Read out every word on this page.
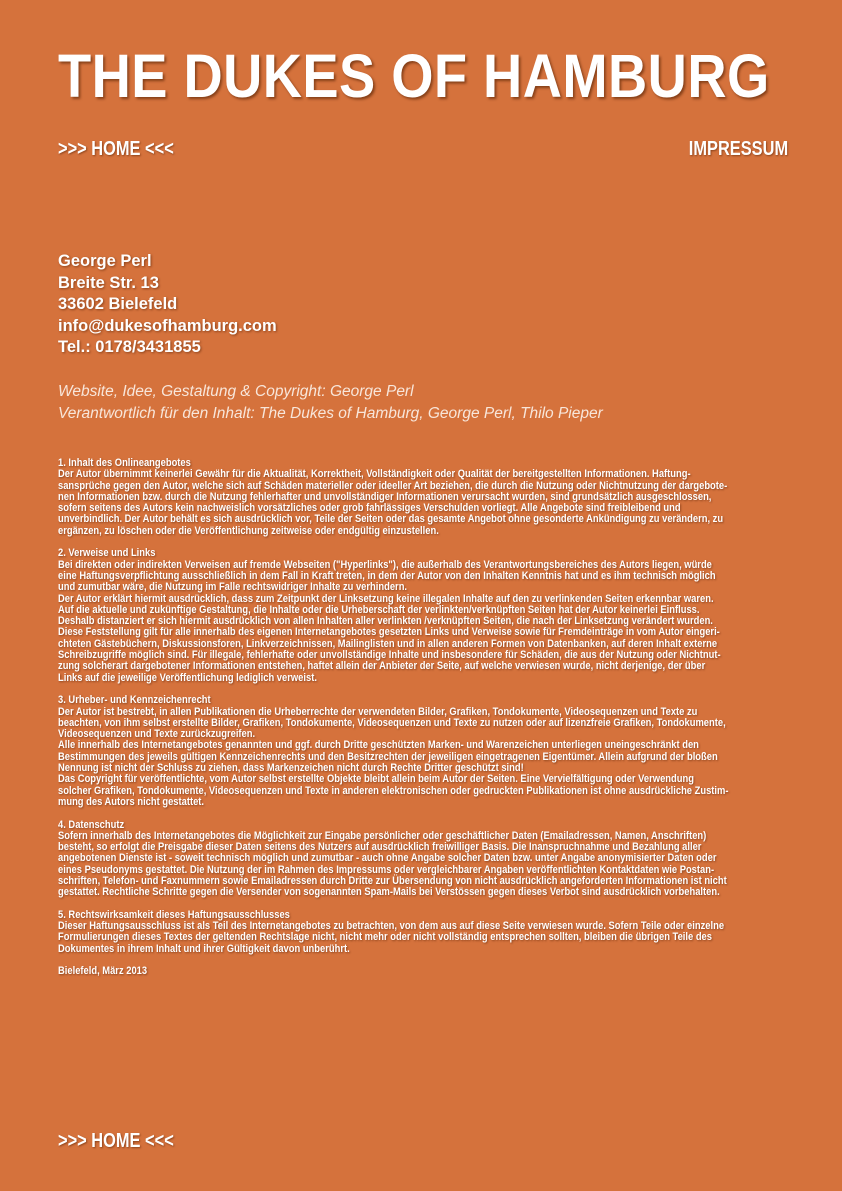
THE DUKES OF HAMBURG
>>> HOME <<<	IMPRESSUM
George Perl
Breite Str. 13
33602 Bielefeld
info@dukesofhamburg.com
Tel.: 0178/3431855
Website, Idee, Gestaltung & Copyright: George Perl
Verantwortlich für den Inhalt: The Dukes of Hamburg, George Perl, Thilo Pieper
1. Inhalt des Onlineangebotes
Der Autor übernimmt keinerlei Gewähr für die Aktualität, Korrektheit, Vollständigkeit oder Qualität der bereitgestellten Informationen. Haftung-
sansprüche gegen den Autor, welche sich auf Schäden materieller oder ideeller Art beziehen, die durch die Nutzung oder Nichtnutzung der dargebote-
nen Informationen bzw. durch die Nutzung fehlerhafter und unvollständiger Informationen verursacht wurden, sind grundsätzlich ausgeschlossen,
sofern seitens des Autors kein nachweislich vorsätzliches oder grob fahrlässiges Verschulden vorliegt. Alle Angebote sind freibleibend und
unverbindlich. Der Autor behält es sich ausdrücklich vor, Teile der Seiten oder das gesamte Angebot ohne gesonderte Ankündigung zu verändern, zu
ergänzen, zu löschen oder die Veröffentlichung zeitweise oder endgültig einzustellen.
2. Verweise und Links
Bei direkten oder indirekten Verweisen auf fremde Webseiten ("Hyperlinks"), die außerhalb des Verantwortungsbereiches des Autors liegen, würde
eine Haftungsverpflichtung ausschließlich in dem Fall in Kraft treten, in dem der Autor von den Inhalten Kenntnis hat und es ihm technisch möglich
und zumutbar wäre, die Nutzung im Falle rechtswidriger Inhalte zu verhindern.
Der Autor erklärt hiermit ausdrücklich, dass zum Zeitpunkt der Linksetzung keine illegalen Inhalte auf den zu verlinkenden Seiten erkennbar waren.
Auf die aktuelle und zukünftige Gestaltung, die Inhalte oder die Urheberschaft der verlinkten/verknüpften Seiten hat der Autor keinerlei Einfluss.
Deshalb distanziert er sich hiermit ausdrücklich von allen Inhalten aller verlinkten /verknüpften Seiten, die nach der Linksetzung verändert wurden.
Diese Feststellung gilt für alle innerhalb des eigenen Internetangebotes gesetzten Links und Verweise sowie für Fremdeinträge in vom Autor eingeri-
chteten Gästebüchern, Diskussionsforen, Linkverzeichnissen, Mailinglisten und in allen anderen Formen von Datenbanken, auf deren Inhalt externe
Schreibzugriffe möglich sind. Für illegale, fehlerhafte oder unvollständige Inhalte und insbesondere für Schäden, die aus der Nutzung oder Nichtnut-
zung solcherart dargebotener Informationen entstehen, haftet allein der Anbieter der Seite, auf welche verwiesen wurde, nicht derjenige, der über
Links auf die jeweilige Veröffentlichung lediglich verweist.
3. Urheber- und Kennzeichenrecht
Der Autor ist bestrebt, in allen Publikationen die Urheberrechte der verwendeten Bilder, Grafiken, Tondokumente, Videosequenzen und Texte zu
beachten, von ihm selbst erstellte Bilder, Grafiken, Tondokumente, Videosequenzen und Texte zu nutzen oder auf lizenzfreie Grafiken, Tondokumente,
Videosequenzen und Texte zurückzugreifen.
Alle innerhalb des Internetangebotes genannten und ggf. durch Dritte geschützten Marken- und Warenzeichen unterliegen uneingeschränkt den
Bestimmungen des jeweils gültigen Kennzeichenrechts und den Besitzrechten der jeweiligen eingetragenen Eigentümer. Allein aufgrund der bloßen
Nennung ist nicht der Schluss zu ziehen, dass Markenzeichen nicht durch Rechte Dritter geschützt sind!
Das Copyright für veröffentlichte, vom Autor selbst erstellte Objekte bleibt allein beim Autor der Seiten. Eine Vervielfältigung oder Verwendung
solcher Grafiken, Tondokumente, Videosequenzen und Texte in anderen elektronischen oder gedruckten Publikationen ist ohne ausdrückliche Zustim-
mung des Autors nicht gestattet.
4. Datenschutz
Sofern innerhalb des Internetangebotes die Möglichkeit zur Eingabe persönlicher oder geschäftlicher Daten (Emailadressen, Namen, Anschriften)
besteht, so erfolgt die Preisgabe dieser Daten seitens des Nutzers auf ausdrücklich freiwilliger Basis. Die Inanspruchnahme und Bezahlung aller
angebotenen Dienste ist - soweit technisch möglich und zumutbar - auch ohne Angabe solcher Daten bzw. unter Angabe anonymisierter Daten oder
eines Pseudonyms gestattet. Die Nutzung der im Rahmen des Impressums oder vergleichbarer Angaben veröffentlichten Kontaktdaten wie Postan-
schriften, Telefon- und Faxnummern sowie Emailadressen durch Dritte zur Übersendung von nicht ausdrücklich angeforderten Informationen ist nicht
gestattet. Rechtliche Schritte gegen die Versender von sogenannten Spam-Mails bei Verstössen gegen dieses Verbot sind ausdrücklich vorbehalten.
5. Rechtswirksamkeit dieses Haftungsausschlusses
Dieser Haftungsausschluss ist als Teil des Internetangebotes zu betrachten, von dem aus auf diese Seite verwiesen wurde. Sofern Teile oder einzelne
Formulierungen dieses Textes der geltenden Rechtslage nicht, nicht mehr oder nicht vollständig entsprechen sollten, bleiben die übrigen Teile des
Dokumentes in ihrem Inhalt und ihrer Gültigkeit davon unberührt.
Bielefeld, März 2013
>>> HOME <<<
